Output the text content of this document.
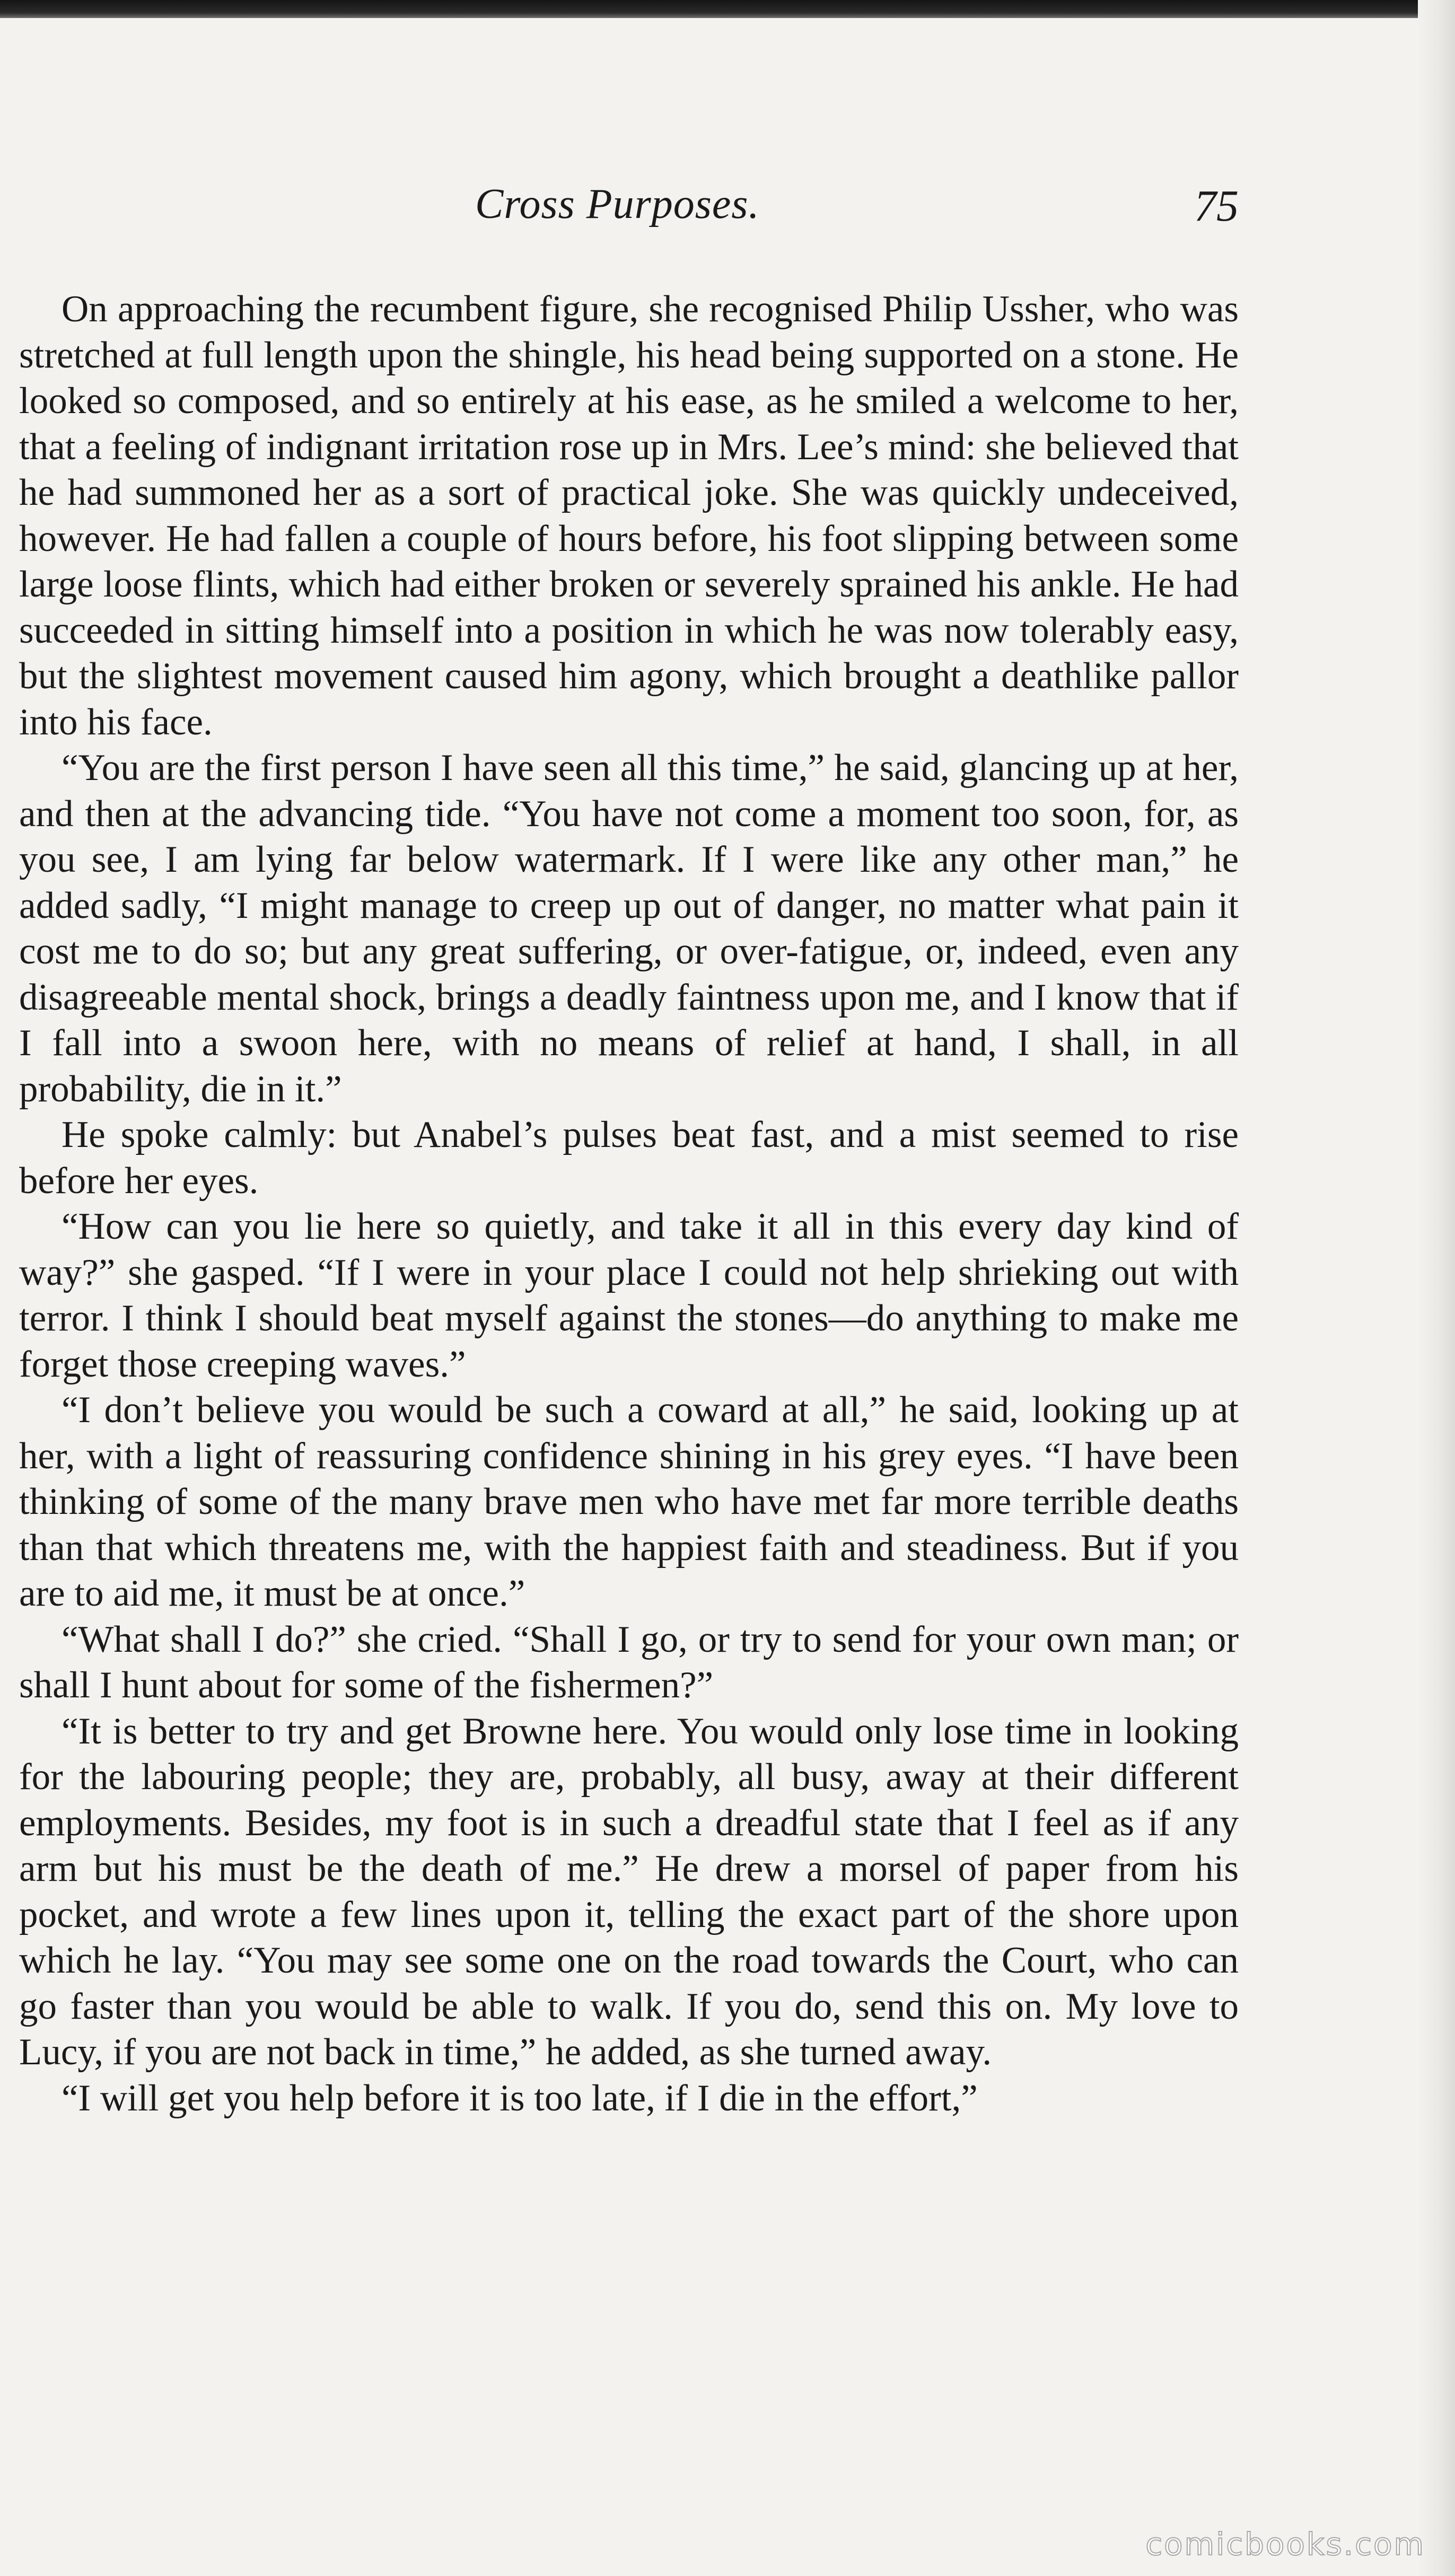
Cross Purposes.	75

On approaching the recumbent figure, she recognised Philip Ussher, who was stretched at full length upon the shingle, his head being supported on a stone. He looked so composed, and so entirely at his ease, as he smiled a welcome to her, that a feeling of indignant irritation rose up in Mrs. Lee’s mind: she believed that he had summoned her as a sort of practical joke. She was quickly undeceived, however. He had fallen a couple of hours before, his foot slipping between some large loose flints, which had either broken or severely sprained his ankle. He had succeeded in sitting himself into a position in which he was now tolerably easy, but the slightest movement caused him agony, which brought a deathlike pallor into his face.

“You are the first person I have seen all this time,” he said, glancing up at her, and then at the advancing tide. “You have not come a moment too soon, for, as you see, I am lying far below watermark. If I were like any other man,” he added sadly, “I might manage to creep up out of danger, no matter what pain it cost me to do so; but any great suffering, or over-fatigue, or, indeed, even any disagreeable mental shock, brings a deadly faintness upon me, and I know that if I fall into a swoon here, with no means of relief at hand, I shall, in all probability, die in it.”

He spoke calmly: but Anabel’s pulses beat fast, and a mist seemed to rise before her eyes.

“How can you lie here so quietly, and take it all in this every day kind of way?” she gasped. “If I were in your place I could not help shrieking out with terror. I think I should beat myself against the stones—do anything to make me forget those creeping waves.”

“I don’t believe you would be such a coward at all,” he said, looking up at her, with a light of reassuring confidence shining in his grey eyes. “I have been thinking of some of the many brave men who have met far more terrible deaths than that which threatens me, with the happiest faith and steadiness. But if you are to aid me, it must be at once.”

“What shall I do?” she cried. “Shall I go, or try to send for your own man; or shall I hunt about for some of the fishermen?”

“It is better to try and get Browne here. You would only lose time in looking for the labouring people; they are, probably, all busy, away at their different employments. Besides, my foot is in such a dreadful state that I feel as if any arm but his must be the death of me.” He drew a morsel of paper from his pocket, and wrote a few lines upon it, telling the exact part of the shore upon which he lay. “You may see some one on the road towards the Court, who can go faster than you would be able to walk. If you do, send this on. My love to Lucy, if you are not back in time,” he added, as she turned away.

“I will get you help before it is too late, if I die in the effort,”

comicbooks.com
